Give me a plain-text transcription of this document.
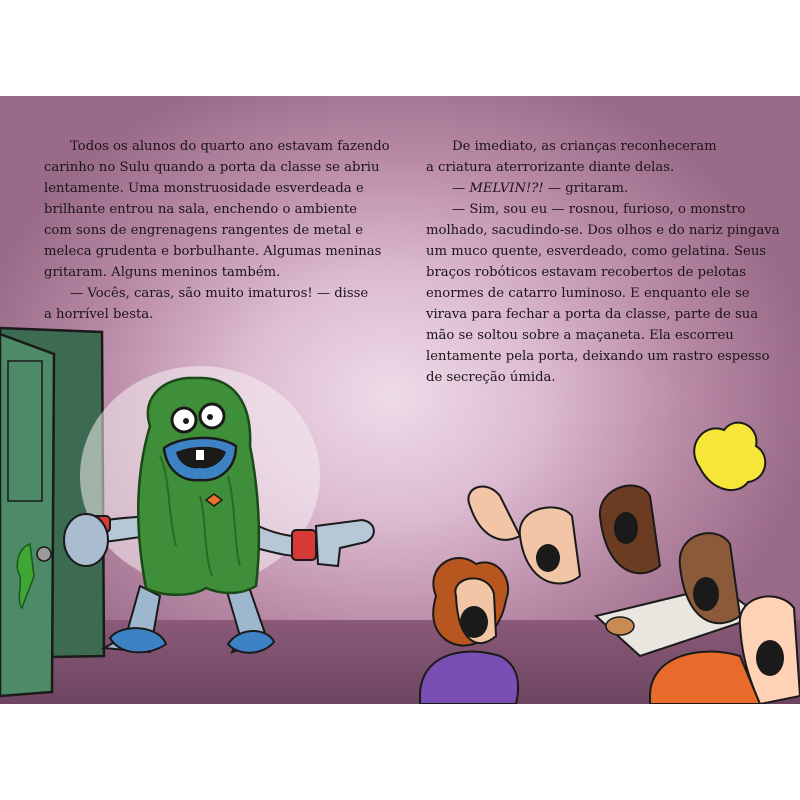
Todos os alunos do quarto ano estavam fazendo

carinho no Sulu quando a porta da classe se abriu

lentamente. Uma monstruosidade esverdeada e

brilhante entrou na sala, enchendo o ambiente

com sons de engrenagens rangentes de metal e

meleca grudenta e borbulhante. Algumas meninas

gritaram. Alguns meninos também.

— Vocês, caras, são muito imaturos! — disse

a horrível besta.

De imediato, as crianças reconheceram

a criatura aterrorizante diante delas.

— MELVIN!?! — gritaram.

— Sim, sou eu — rosnou, furioso, o monstro

molhado, sacudindo-se. Dos olhos e do nariz pingava

um muco quente, esverdeado, como gelatina. Seus

braços robóticos estavam recobertos de pelotas

enormes de catarro luminoso. E enquanto ele se

virava para fechar a porta da classe, parte de sua

mão se soltou sobre a maçaneta. Ela escorreu

lentamente pela porta, deixando um rastro espesso

de secreção úmida.
